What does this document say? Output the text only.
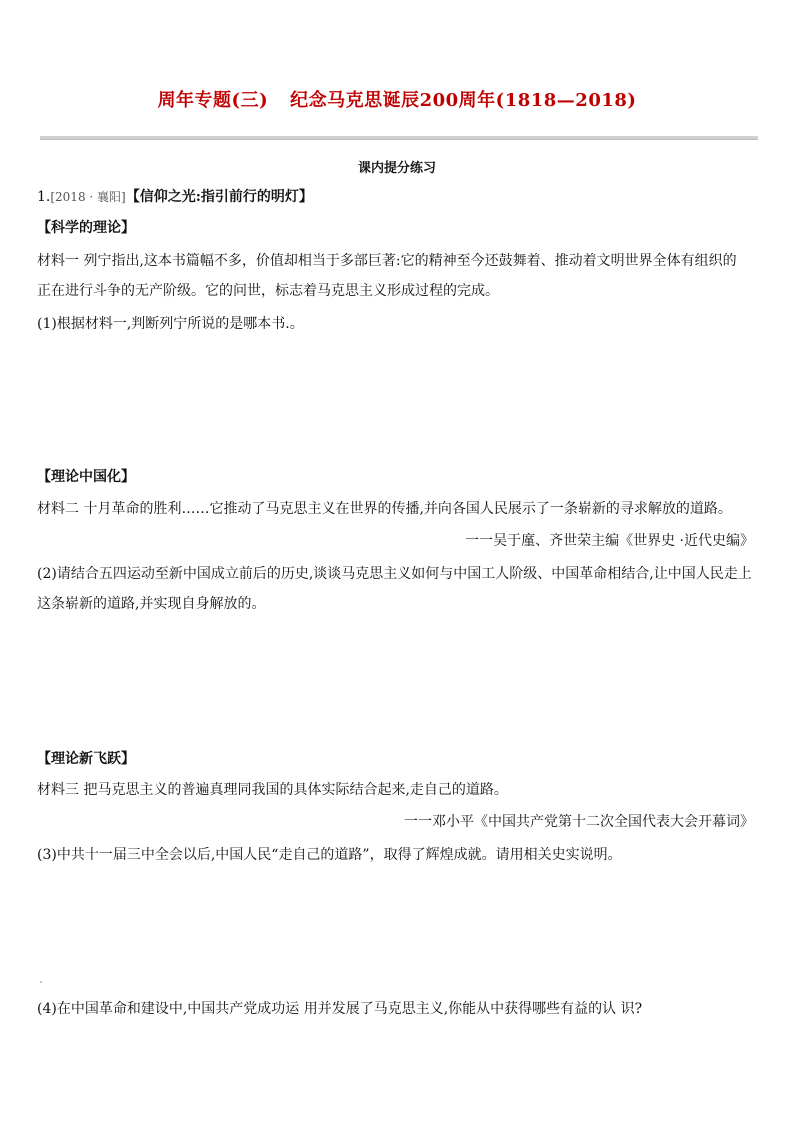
周年专题(三) 纪念马克思诞辰200周年(1818—2018)
课内提分练习
1.[2018 · 襄阳]【信仰之光:指引前行的明灯】
【科学的理论】
材料一 列宁指出,这本书篇幅不多，价值却相当于多部巨著:它的精神至今还鼓舞着、推动着文明世界全体有组织的
正在进行斗争的无产阶级。它的问世，标志着马克思主义形成过程的完成。
(1)根据材料一,判断列宁所说的是哪本书.。
【理论中国化】
材料二 十月革命的胜利……它推动了马克思主义在世界的传播,并向各国人民展示了一条崭新的寻求解放的道路。
一一吴于廑、齐世荣主编《世界史 ·近代史编》
(2)请结合五四运动至新中国成立前后的历史,谈谈马克思主义如何与中国工人阶级、中国革命相结合,让中国人民走上
这条崭新的道路,并实现自身解放的。
【理论新飞跃】
材料三 把马克思主义的普遍真理同我国的具体实际结合起来,走自己的道路。
一一邓小平《中国共产党第十二次全国代表大会开幕词》
(3)中共十一届三中全会以后,中国人民“走自己的道路”，取得了辉煌成就。请用相关史实说明。
(4)在中国革命和建设中,中国共产党成功运 用并发展了马克思主义,你能从中获得哪些有益的认 识?
